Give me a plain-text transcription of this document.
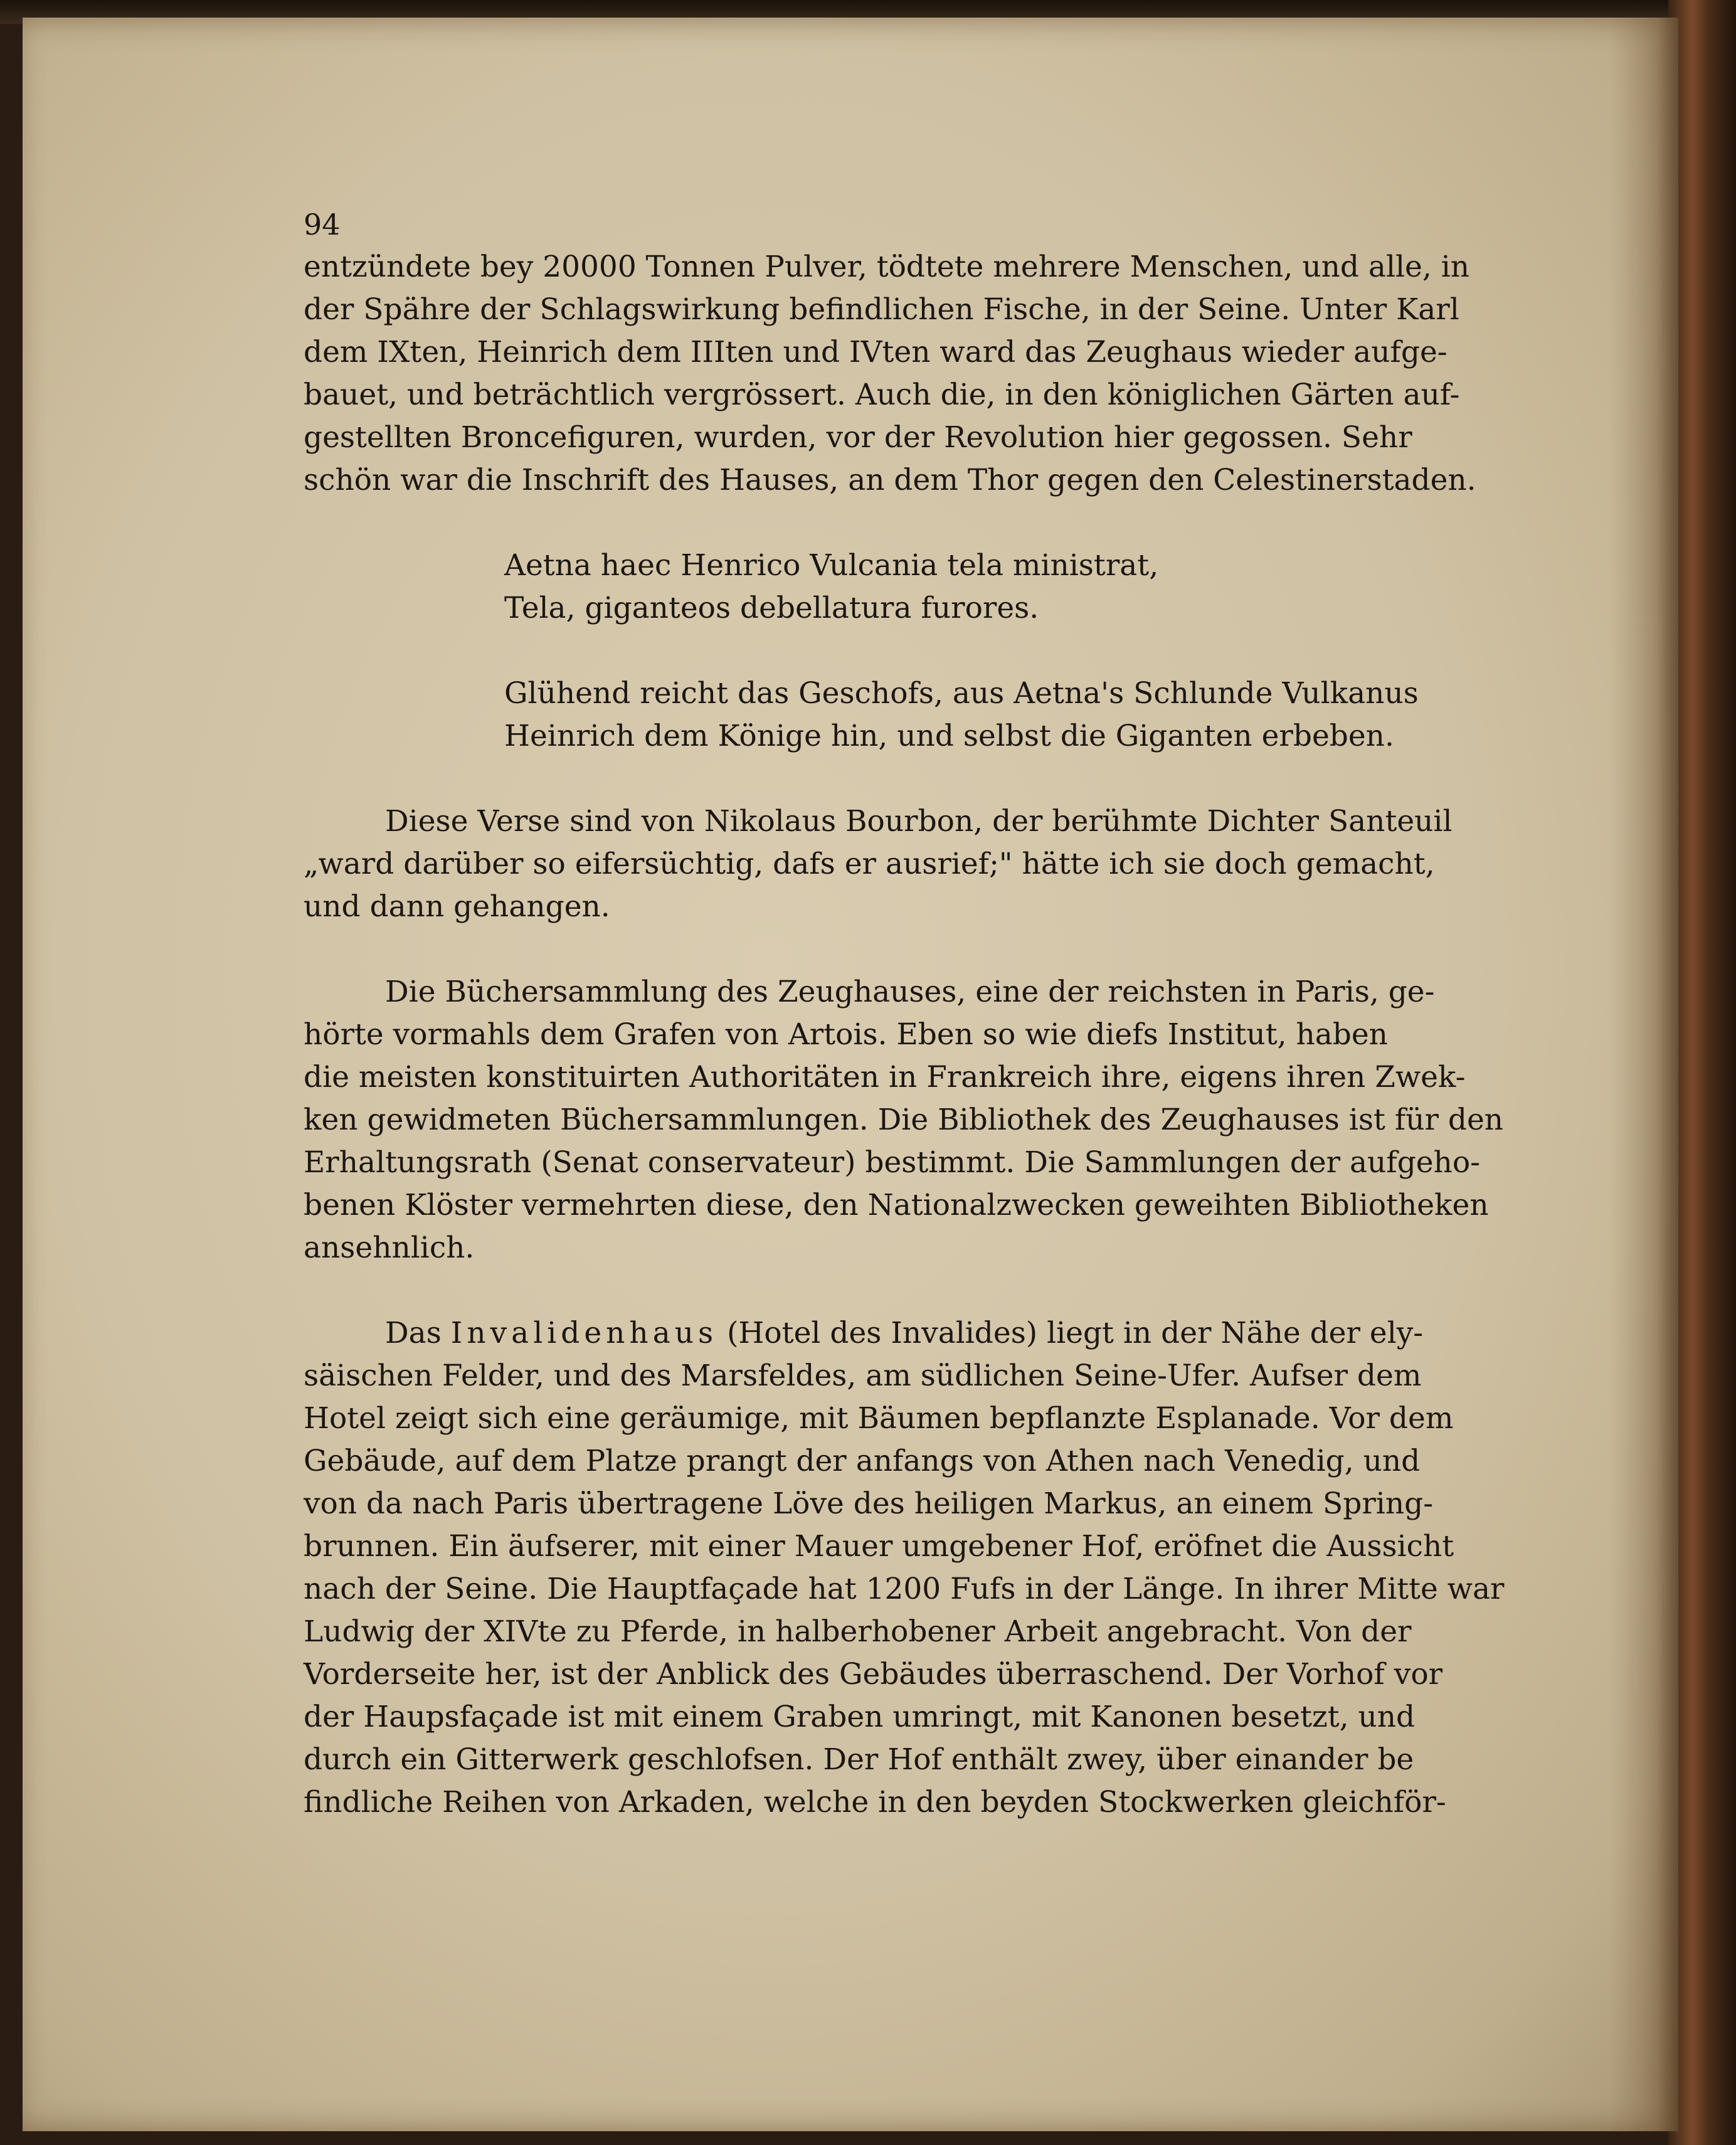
94

entzündete bey 20000 Tonnen Pulver, tödtete mehrere Menschen, und alle, in
der Spähre der Schlagswirkung befindlichen Fische, in der Seine. Unter Karl
dem IXten, Heinrich dem IIIten und IVten ward das Zeughaus wieder aufge-
bauet, und beträchtlich vergrössert. Auch die, in den königlichen Gärten auf-
gestellten Broncefiguren, wurden, vor der Revolution hier gegossen. Sehr
schön war die Inschrift des Hauses, an dem Thor gegen den Celestinerstaden.
Aetna haec Henrico Vulcania tela ministrat,
Tela, giganteos debellatura furores.
Glühend reicht das Geschofs, aus Aetna's Schlunde Vulkanus
Heinrich dem Könige hin, und selbst die Giganten erbeben.
Diese Verse sind von Nikolaus Bourbon, der berühmte Dichter Santeuil
„ward darüber so eifersüchtig, dafs er ausrief;" hätte ich sie doch gemacht,
und dann gehangen.
Die Büchersammlung des Zeughauses, eine der reichsten in Paris, ge-
hörte vormahls dem Grafen von Artois. Eben so wie diefs Institut, haben
die meisten konstituirten Authoritäten in Frankreich ihre, eigens ihren Zwek-
ken gewidmeten Büchersammlungen. Die Bibliothek des Zeughauses ist für den
Erhaltungsrath (Senat conservateur) bestimmt. Die Sammlungen der aufgeho-
benen Klöster vermehrten diese, den Nationalzwecken geweihten Bibliotheken
ansehnlich.
Das Invalidenhaus (Hotel des Invalides) liegt in der Nähe der ely-
säischen Felder, und des Marsfeldes, am südlichen Seine-Ufer. Aufser dem
Hotel zeigt sich eine geräumige, mit Bäumen bepflanzte Esplanade. Vor dem
Gebäude, auf dem Platze prangt der anfangs von Athen nach Venedig, und
von da nach Paris übertragene Löve des heiligen Markus, an einem Spring-
brunnen. Ein äufserer, mit einer Mauer umgebener Hof, eröfnet die Aussicht
nach der Seine. Die Hauptfaçade hat 1200 Fufs in der Länge. In ihrer Mitte war
Ludwig der XIVte zu Pferde, in halberhobener Arbeit angebracht. Von der
Vorderseite her, ist der Anblick des Gebäudes überraschend. Der Vorhof vor
der Haupsfaçade ist mit einem Graben umringt, mit Kanonen besetzt, und
durch ein Gitterwerk geschlofsen. Der Hof enthält zwey, über einander be
findliche Reihen von Arkaden, welche in den beyden Stockwerken gleichför-
